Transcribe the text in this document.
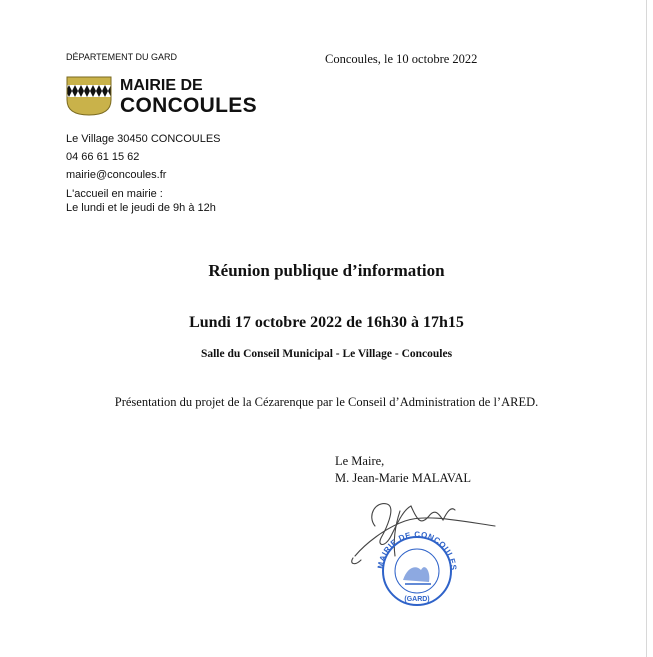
DÉPARTEMENT DU GARD	Concoules, le 10 octobre 2022
MAIRIE DE
CONCOULES
Le Village 30450 CONCOULES
04 66 61 15 62
mairie@concoules.fr
L'accueil en mairie :
Le lundi et le jeudi de 9h à 12h
Réunion publique d’information
Lundi 17 octobre 2022 de 16h30 à 17h15
Salle du Conseil Municipal - Le Village - Concoules
Présentation du projet de la Cézarenque par le Conseil d’Administration de l’ARED.
Le Maire,
M. Jean-Marie MALAVAL
MAIRIE DE CONCOULES
(GARD)
